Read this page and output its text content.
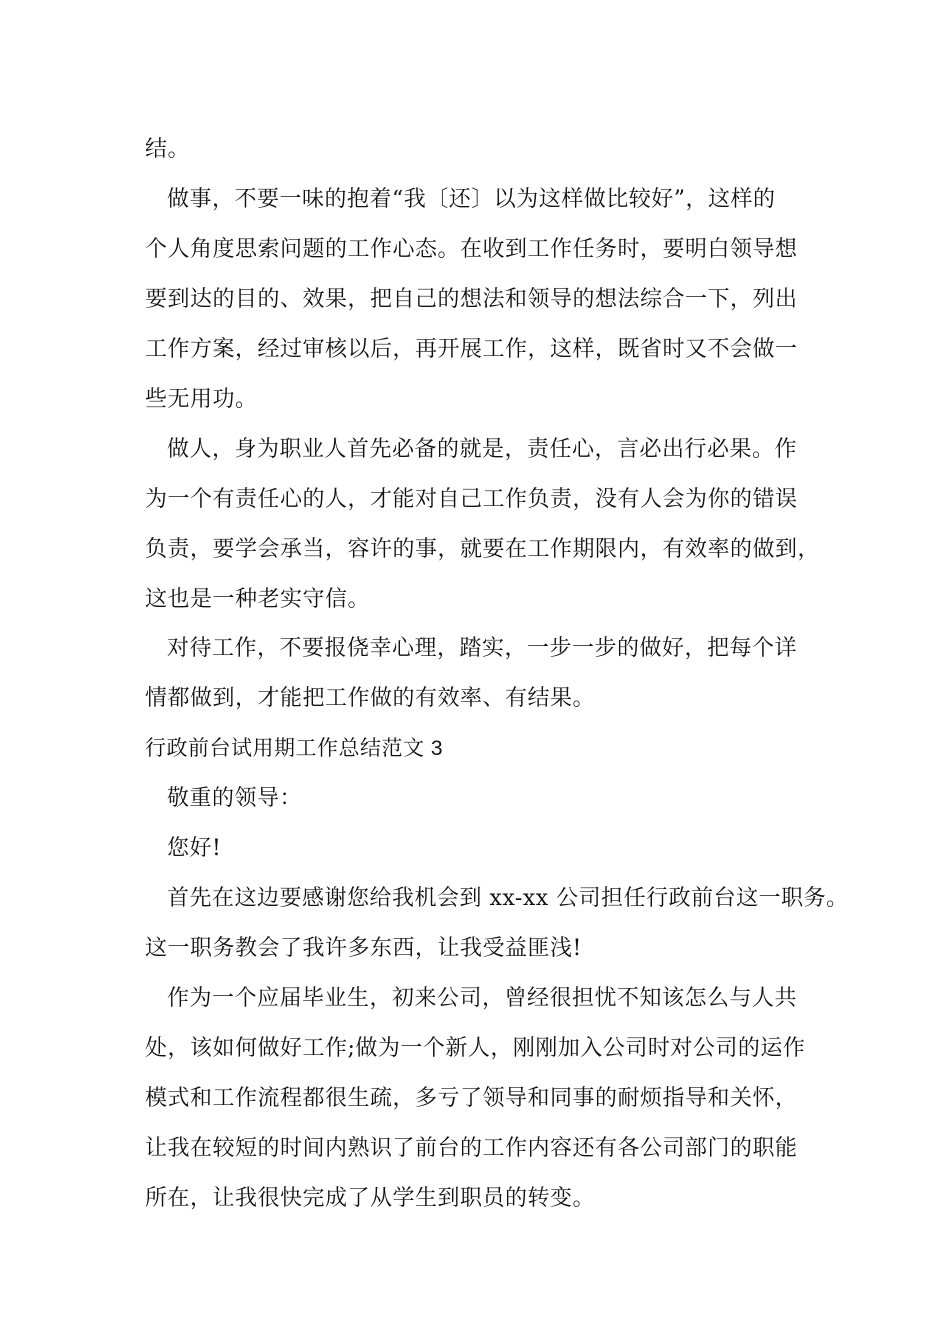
结。
做事，不要一味的抱着“我〔还〕以为这样做比较好”，这样的
个人角度思索问题的工作心态。在收到工作任务时，要明白领导想
要到达的目的、效果，把自己的想法和领导的想法综合一下，列出
工作方案，经过审核以后，再开展工作，这样，既省时又不会做一
些无用功。
做人，身为职业人首先必备的就是，责任心，言必出行必果。作
为一个有责任心的人，才能对自己工作负责，没有人会为你的错误
负责，要学会承当，容许的事，就要在工作期限内，有效率的做到，
这也是一种老实守信。
对待工作，不要报侥幸心理，踏实，一步一步的做好，把每个详
情都做到，才能把工作做的有效率、有结果。
行政前台试用期工作总结范文 3
敬重的领导：
您好!
首先在这边要感谢您给我机会到 xx-xx 公司担任行政前台这一职务。
这一职务教会了我许多东西，让我受益匪浅!
作为一个应届毕业生，初来公司，曾经很担忧不知该怎么与人共
处，该如何做好工作;做为一个新人，刚刚加入公司时对公司的运作
模式和工作流程都很生疏，多亏了领导和同事的耐烦指导和关怀，
让我在较短的时间内熟识了前台的工作内容还有各公司部门的职能
所在，让我很快完成了从学生到职员的转变。
